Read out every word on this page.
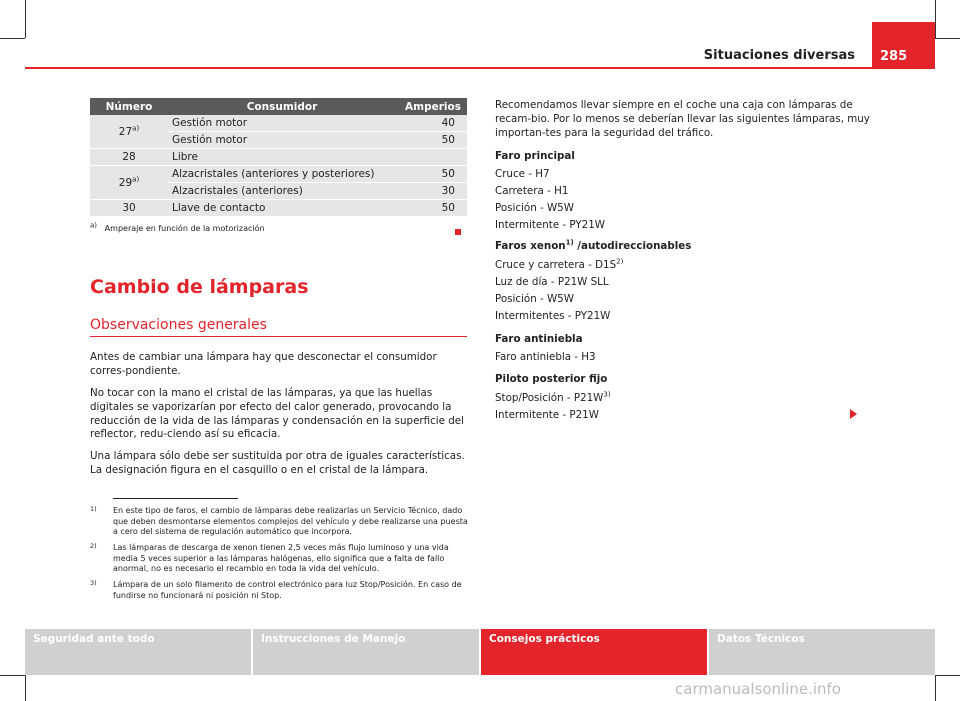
Situaciones diversas 285
Número	Consumidor	Amperios
27$^{a)}$	Gestión motor	40
	Gestión motor	50
28	Libre	
29$^{a)}$	Alzacristales (anteriores y posteriores)	50
	Alzacristales (anteriores)	30
30	Llave de contacto	50
$^{a)}$ Amperaje en función de la motorización
Cambio de lámparas
Observaciones generales
Antes de cambiar una lámpara hay que desconectar el consumidor corres-pondiente.
No tocar con la mano el cristal de las lámparas, ya que las huellas digitales se vaporizarían por efecto del calor generado, provocando la reducción de la vida de las lámparas y condensación en la superficie del reflector, redu-ciendo así su eficacia.
Una lámpara sólo debe ser sustituida por otra de iguales características. La designación figura en el casquillo o en el cristal de la lámpara.
Recomendamos llevar siempre en el coche una caja con lámparas de recam-bio. Por lo menos se deberían llevar las siguientes lámparas, muy importan-tes para la seguridad del tráfico.
Faro principal
Cruce - H7
Carretera - H1
Posición - W5W
Intermitente - PY21W
Faros xenon$^{1)}$ /autodireccionables
Cruce y carretera - $D1S^{2)}$
Luz de día - P21W SLL
Posición - W5W
Intermitentes - PY21W
Faro antiniebla
Faro antiniebla - H3
Piloto posterior fijo
Stop/Posición - $P21W^{3)}$
Intermitente - P21W
1) En este tipo de faros, el cambio de lámparas debe realizarlas un Servicio Técnico, dado que deben desmontarse elementos complejos del vehículo y debe realizarse una puesta a cero del sistema de regulación automático que incorpora.
2) Las lámparas de descarga de xenon tienen 2,5 veces más flujo luminoso y una vida media 5 veces superior a las lámparas halógenas, ello significa que a falta de fallo anormal, no es necesario el recambio en toda la vida del vehículo.
3) Lámpara de un solo filamento de control electrónico para luz Stop/Posición. En caso de fundirse no funcionará ni posición ni Stop.
Seguridad ante todo	Instrucciones de Manejo	Consejos prácticos	Datos Técnicos
carmanualsonline.info
